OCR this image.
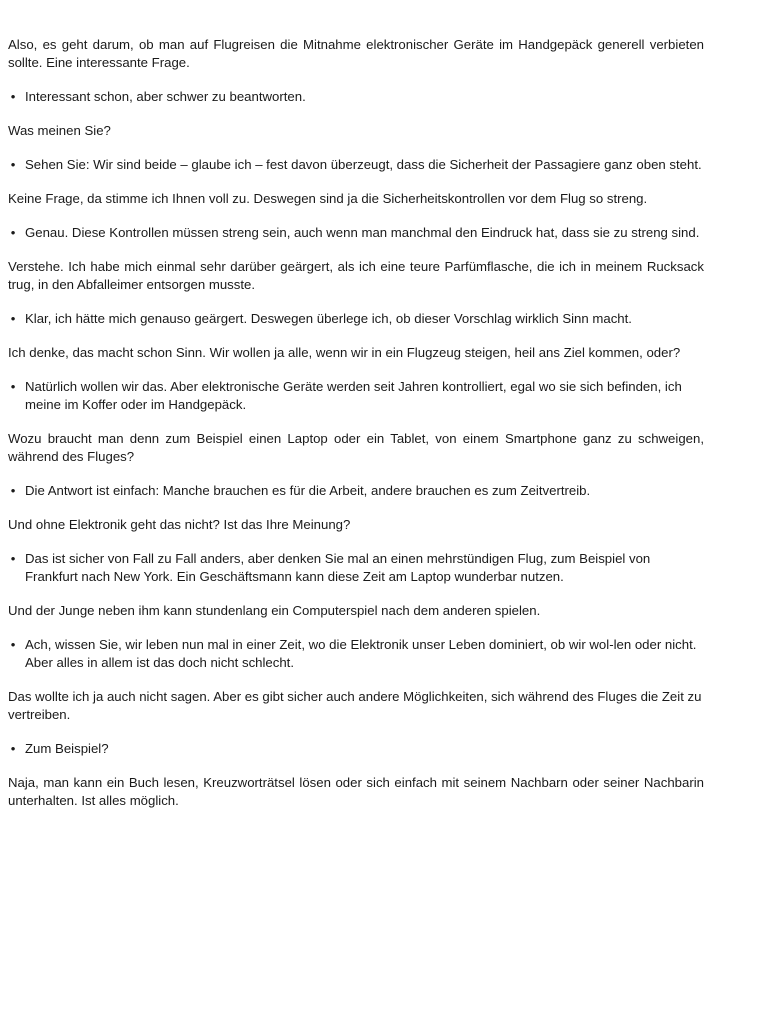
Also, es geht darum, ob man auf Flugreisen die Mitnahme elektronischer Geräte im Handgepäck generell verbieten sollte. Eine interessante Frage.

• Interessant schon, aber schwer zu beantworten.

Was meinen Sie?

• Sehen Sie: Wir sind beide – glaube ich – fest davon überzeugt, dass die Sicherheit der Passagiere ganz oben steht.

Keine Frage, da stimme ich Ihnen voll zu. Deswegen sind ja die Sicherheitskontrollen vor dem Flug so streng.

• Genau. Diese Kontrollen müssen streng sein, auch wenn man manchmal den Eindruck hat, dass sie zu streng sind.

Verstehe. Ich habe mich einmal sehr darüber geärgert, als ich eine teure Parfümflasche, die ich in meinem Rucksack trug, in den Abfalleimer entsorgen musste.

• Klar, ich hätte mich genauso geärgert. Deswegen überlege ich, ob dieser Vorschlag wirklich Sinn macht.

Ich denke, das macht schon Sinn. Wir wollen ja alle, wenn wir in ein Flugzeug steigen, heil ans Ziel kommen, oder?

• Natürlich wollen wir das. Aber elektronische Geräte werden seit Jahren kontrolliert, egal wo sie sich befinden, ich meine im Koffer oder im Handgepäck.

Wozu braucht man denn zum Beispiel einen Laptop oder ein Tablet, von einem Smartphone ganz zu schweigen, während des Fluges?

• Die Antwort ist einfach: Manche brauchen es für die Arbeit, andere brauchen es zum Zeitvertreib.

Und ohne Elektronik geht das nicht? Ist das Ihre Meinung?

• Das ist sicher von Fall zu Fall anders, aber denken Sie mal an einen mehrstündigen Flug, zum Beispiel von Frankfurt nach New York. Ein Geschäftsmann kann diese Zeit am Laptop wunderbar nutzen.

Und der Junge neben ihm kann stundenlang ein Computerspiel nach dem anderen spielen.

• Ach, wissen Sie, wir leben nun mal in einer Zeit, wo die Elektronik unser Leben dominiert, ob wir wol-len oder nicht. Aber alles in allem ist das doch nicht schlecht.

Das wollte ich ja auch nicht sagen. Aber es gibt sicher auch andere Möglichkeiten, sich während des Fluges die Zeit zu vertreiben.

• Zum Beispiel?

Naja, man kann ein Buch lesen, Kreuzworträtsel lösen oder sich einfach mit seinem Nachbarn oder seiner Nachbarin unterhalten. Ist alles möglich.
